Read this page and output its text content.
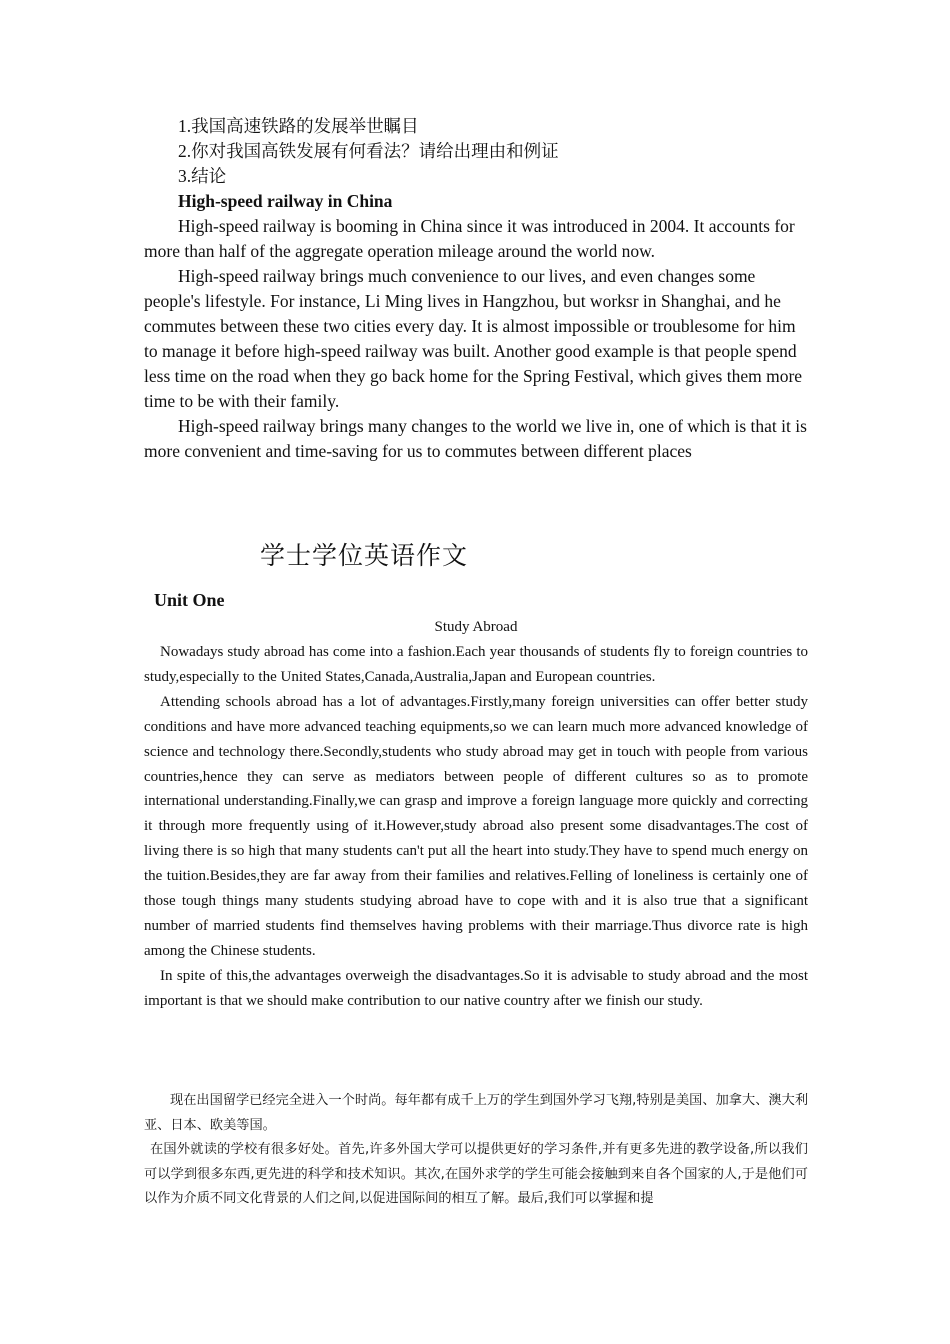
1.我国高速铁路的发展举世瞩目

2.你对我国高铁发展有何看法？请给出理由和例证

3.结论

High-speed railway in China

High-speed railway is booming in China since it was introduced in 2004. It accounts for more than half of the aggregate operation mileage around the world now.

High-speed railway brings much convenience to our lives, and even changes some people's lifestyle. For instance, Li Ming lives in Hangzhou, but worksr in Shanghai, and he commutes between these two cities every day. It is almost impossible or troublesome for him to manage it before high-speed railway was built. Another good example is that people spend less time on the road when they go back home for the Spring Festival, which gives them more time to be with their family.

High-speed railway brings many changes to the world we live in, one of which is that it is more convenient and time-saving for us to commutes between different places

学士学位英语作文
Unit One

Study Abroad

Nowadays study abroad has come into a fashion.Each year thousands of students fly to foreign countries to study,especially to the United States,Canada,Australia,Japan and European countries.

Attending schools abroad has a lot of advantages.Firstly,many foreign universities can offer better study conditions and have more advanced teaching equipments,so we can learn much more advanced knowledge of science and technology there.Secondly,students who study abroad may get in touch with people from various countries,hence they can serve as mediators between people of different cultures so as to promote international understanding.Finally,we can grasp and improve a foreign language more quickly and correcting it through more frequently using of it.However,study abroad also present some disadvantages.The cost of living there is so high that many students can't put all the heart into study.They have to spend much energy on the tuition.Besides,they are far away from their families and relatives.Felling of loneliness is certainly one of those tough things many students studying abroad have to cope with and it is also true that a significant number of married students find themselves having problems with their marriage.Thus divorce rate is high among the Chinese students.

In spite of this,the advantages overweigh the disadvantages.So it is advisable to study abroad and the most important is that we should make contribution to our native country after we finish our study.

现在出国留学已经完全进入一个时尚。每年都有成千上万的学生到国外学习飞翔,特别是美国、加拿大、澳大利亚、日本、欧美等国。

在国外就读的学校有很多好处。首先,许多外国大学可以提供更好的学习条件,并有更多先进的教学设备,所以我们可以学到很多东西,更先进的科学和技术知识。其次,在国外求学的学生可能会接触到来自各个国家的人,于是他们可以作为介质不同文化背景的人们之间,以促进国际间的相互了解。最后,我们可以掌握和提
